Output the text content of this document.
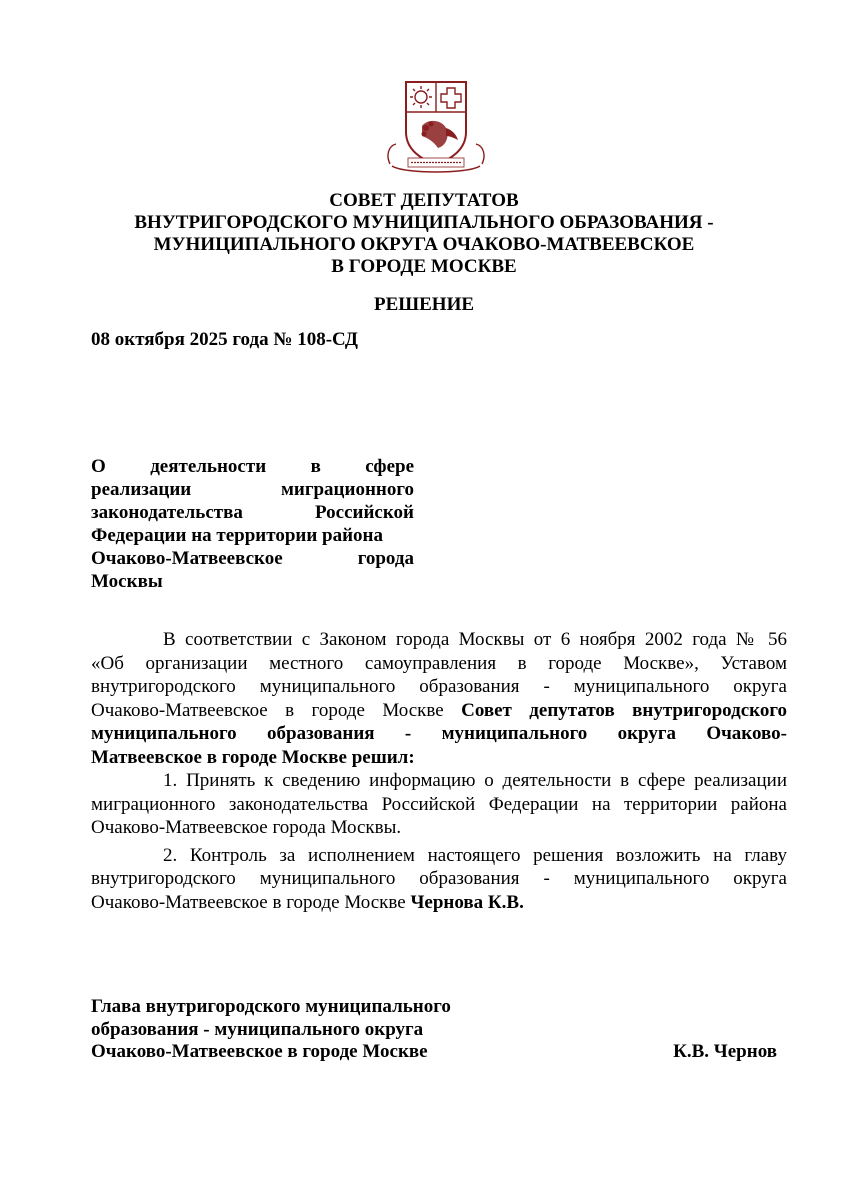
СОВЕТ ДЕПУТАТОВ
ВНУТРИГОРОДСКОГО МУНИЦИПАЛЬНОГО ОБРАЗОВАНИЯ -
МУНИЦИПАЛЬНОГО ОКРУГА ОЧАКОВО-МАТВЕЕВСКОЕ
В ГОРОДЕ МОСКВЕ
РЕШЕНИЕ
08 октября 2025 года № 108-СД
О деятельности в сфере
реализации	миграционного
законодательства	Российской
Федерации на территории района
Очаково-Матвеевское	города
Москвы

В соответствии с Законом города Москвы от 6 ноября 2002 года № 56
«Об организации местного самоуправления в городе Москве», Уставом
внутригородского муниципального образования - муниципального округа
Очаково-Матвеевское в городе Москве Совет депутатов внутригородского
муниципального образования - муниципального округа Очаково-
Матвеевское в городе Москве решил:

1. Принять к сведению информацию о деятельности в сфере реализации
миграционного законодательства Российской Федерации на территории района
Очаково-Матвеевское города Москвы.

2. Контроль за исполнением настоящего решения возложить на главу
внутригородского муниципального образования - муниципального округа
Очаково-Матвеевское в городе Москве Чернова К.В.

Глава внутригородского муниципального
образования - муниципального округа
Очаково-Матвеевское в городе Москве	К.В. Чернов
